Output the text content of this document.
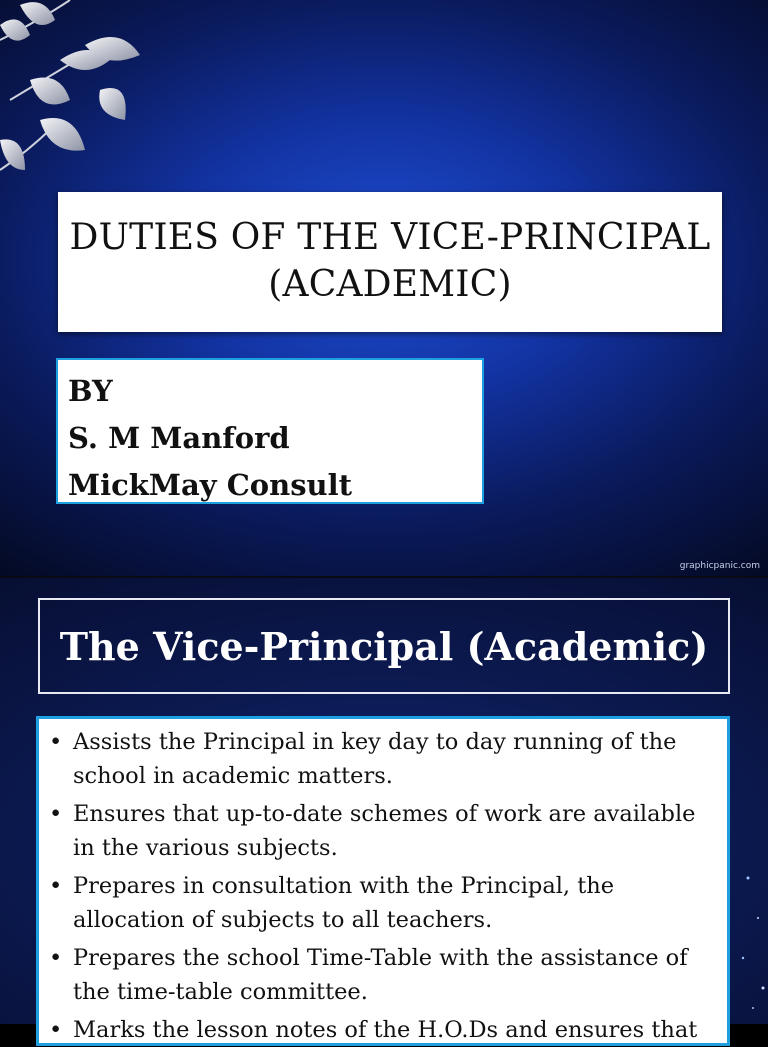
DUTIES OF THE VICE-PRINCIPAL
(ACADEMIC)
BY
S. M Manford
MickMay Consult
graphicpanic.com
The Vice-Principal (Academic)
• Assists the Principal in key day to day running of the school in academic matters.
• Ensures that up-to-date schemes of work are available in the various subjects.
• Prepares in consultation with the Principal, the allocation of subjects to all teachers.
• Prepares the school Time-Table with the assistance of the time-table committee.
• Marks the lesson notes of the H.O.Ds and ensures that
